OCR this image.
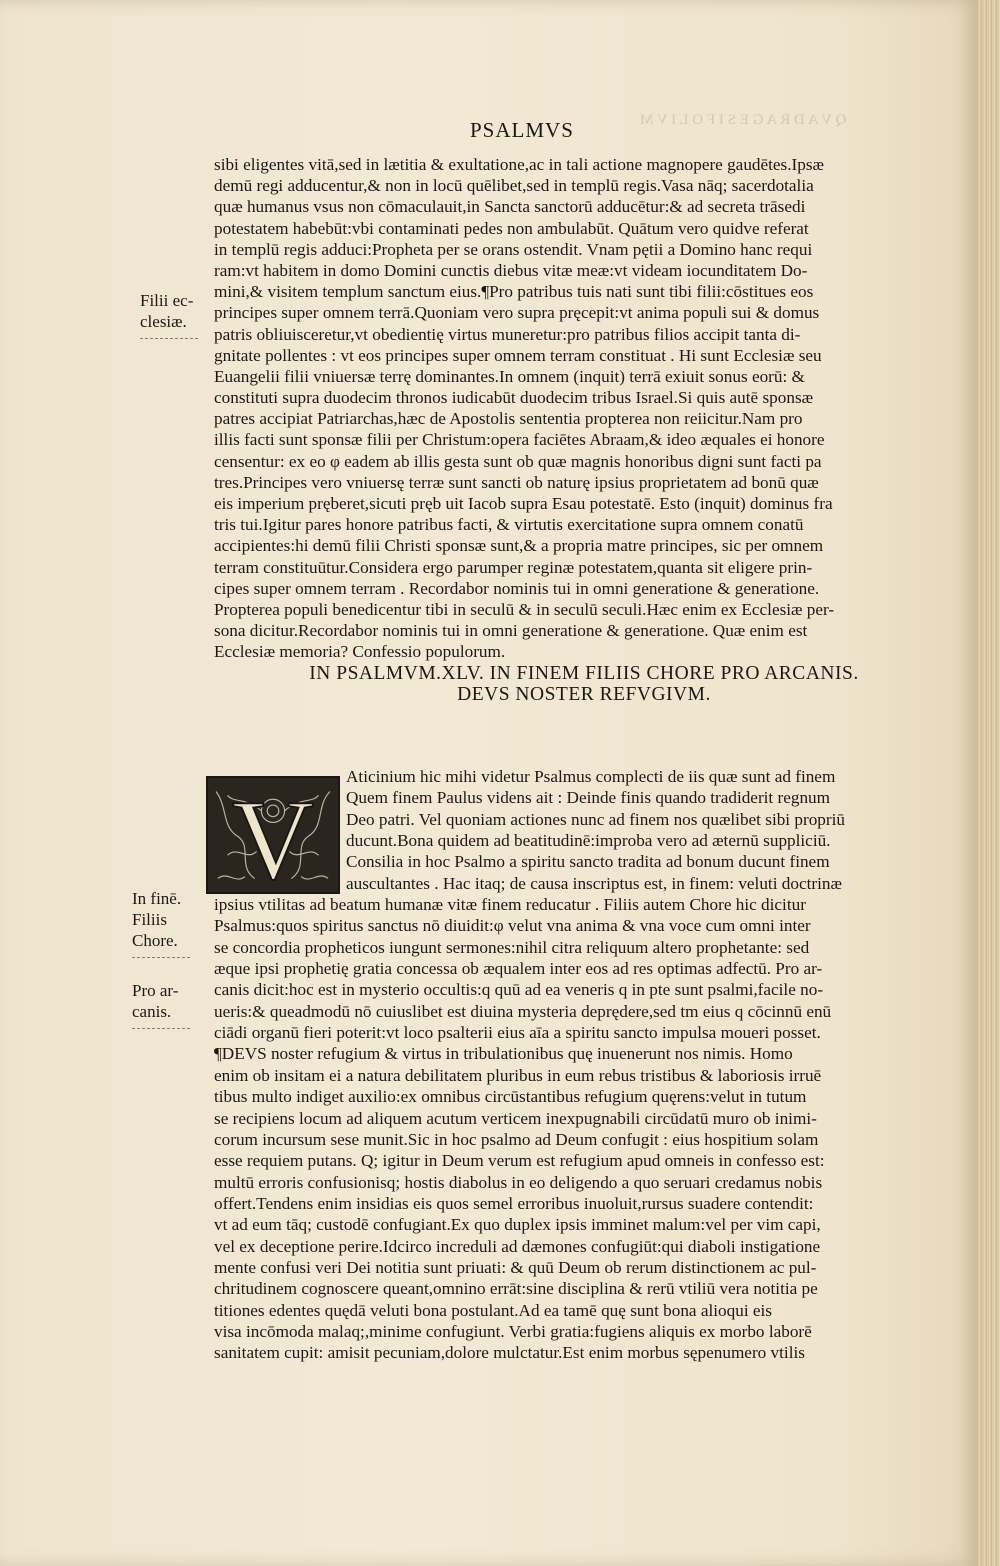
Q V A D R A G E S I F O L I V M
PSALMVS
Filii ec-
clesiæ.
In finē.
Filiis
Chore.
Pro ar-
canis.
sibi eligentes vitā,sed in lætitia & exultatione,ac in tali actione magnopere gaudētes.Ipsæ
demū regi adducentur,& non in locū quēlibet,sed in templū regis.Vasa nāq; sacerdotalia
quæ humanus vsus non cōmaculauit,in Sancta sanctorū adducētur:& ad secreta trāsedi
potestatem habebūt:vbi contaminati pedes non ambulabūt. Quātum vero quidve referat
in templū regis adduci:Propheta per se orans ostendit. Vnam pętii a Domino hanc requi
ram:vt habitem in domo Domini cunctis diebus vitæ meæ:vt videam iocunditatem Do-
mini,& visitem templum sanctum eius.¶Pro patribus tuis nati sunt tibi filii:cōstitues eos
principes super omnem terrā.Quoniam vero supra pręcepit:vt anima populi sui & domus
patris obliuisceretur,vt obedientię virtus muneretur:pro patribus filios accipit tanta di-
gnitate pollentes : vt eos principes super omnem terram constituat . Hi sunt Ecclesiæ seu
Euangelii filii vniuersæ terrę dominantes.In omnem (inquit) terrā exiuit sonus eorū: &
constituti supra duodecim thronos iudicabūt duodecim tribus Israel.Si quis autē sponsæ
patres accipiat Patriarchas,hæc de Apostolis sententia propterea non reiicitur.Nam pro
illis facti sunt sponsæ filii per Christum:opera faciētes Abraam,& ideo æquales ei honore
censentur: ex eo φ eadem ab illis gesta sunt ob quæ magnis honoribus digni sunt facti pa
tres.Principes vero vniuersę terræ sunt sancti ob naturę ipsius proprietatem ad bonū quæ
eis imperium pręberet,sicuti pręb uit Iacob supra Esau potestatē. Esto (inquit) dominus fra
tris tui.Igitur pares honore patribus facti, & virtutis exercitatione supra omnem conatū
accipientes:hi demū filii Christi sponsæ sunt,& a propria matre principes, sic per omnem
terram constituūtur.Considera ergo parumper reginæ potestatem,quanta sit eligere prin-
cipes super omnem terram . Recordabor nominis tui in omni generatione & generatione.
Propterea populi benedicentur tibi in seculū & in seculū seculi.Hæc enim ex Ecclesiæ per-
sona dicitur.Recordabor nominis tui in omni generatione & generatione. Quæ enim est
Ecclesiæ memoria? Confessio populorum.
IN PSALMVM.XLV. IN FINEM FILIIS CHORE PRO ARCANIS.
DEVS NOSTER REFVGIVM.
V	Aticinium hic mihi videtur Psalmus complecti de iis quæ sunt ad finem
Quem finem Paulus videns ait : Deinde finis quando tradiderit regnum
Deo patri. Vel quoniam actiones nunc ad finem nos quælibet sibi propriū
ducunt.Bona quidem ad beatitudinē:improba vero ad æternū suppliciū.
Consilia in hoc Psalmo a spiritu sancto tradita ad bonum ducunt finem
auscultantes . Hac itaq; de causa inscriptus est, in finem: veluti doctrinæ
ipsius vtilitas ad beatum humanæ vitæ finem reducatur . Filiis autem Chore hic dicitur
Psalmus:quos spiritus sanctus nō diuidit:φ velut vna anima & vna voce cum omni inter
se concordia propheticos iungunt sermones:nihil citra reliquum altero prophetante: sed
æque ipsi prophetię gratia concessa ob æqualem inter eos ad res optimas adfectū. Pro ar-
canis dicit:hoc est in mysterio occultis:q quū ad ea veneris q in pte sunt psalmi,facile no-
ueris:& queadmodū nō cuiuslibet est diuina mysteria deprędere,sed tm eius q cōcinnū enū
ciādi organū fieri poterit:vt loco psalterii eius aīa a spiritu sancto impulsa moueri posset.
¶DEVS noster refugium & virtus in tribulationibus quę inuenerunt nos nimis. Homo
enim ob insitam ei a natura debilitatem pluribus in eum rebus tristibus & laboriosis irruē
tibus multo indiget auxilio:ex omnibus circūstantibus refugium quęrens:velut in tutum
se recipiens locum ad aliquem acutum verticem inexpugnabili circūdatū muro ob inimi-
corum incursum sese munit.Sic in hoc psalmo ad Deum confugit : eius hospitium solam
esse requiem putans. Q; igitur in Deum verum est refugium apud omneis in confesso est:
multū erroris confusionisq; hostis diabolus in eo deligendo a quo seruari credamus nobis
offert.Tendens enim insidias eis quos semel erroribus inuoluit,rursus suadere contendit:
vt ad eum tāq; custodē confugiant.Ex quo duplex ipsis imminet malum:vel per vim capi,
vel ex deceptione perire.Idcirco increduli ad dæmones confugiūt:qui diaboli instigatione
mente confusi veri Dei notitia sunt priuati: & quū Deum ob rerum distinctionem ac pul-
chritudinem cognoscere queant,omnino errāt:sine disciplina & rerū vtiliū vera notitia pe
titiones edentes quędā veluti bona postulant.Ad ea tamē quę sunt bona alioqui eis
visa incōmoda malaq;,minime confugiunt. Verbi gratia:fugiens aliquis ex morbo laborē
sanitatem cupit: amisit pecuniam,dolore mulctatur.Est enim morbus sępenumero vtilis
